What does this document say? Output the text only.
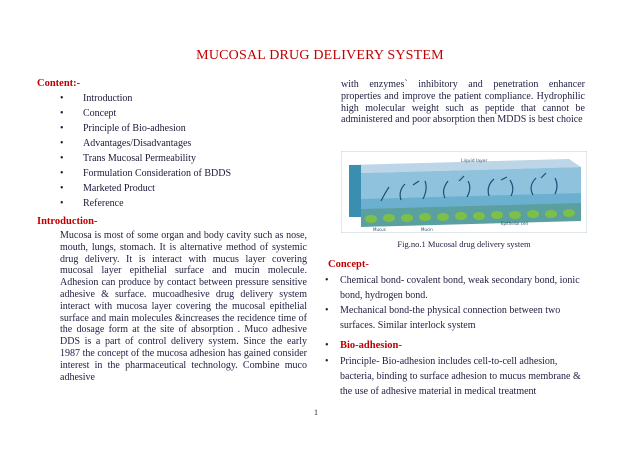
MUCOSAL DRUG DELIVERY SYSTEM
Content:-
• Introduction
• Concept
• Principle of Bio-adhesion
• Advantages/Disadvantages
• Trans Mucosal Permeability
• Formulation Consideration of BDDS
• Marketed Product
• Reference
Introduction-
Mucosa is most of some organ and body cavity such as nose, mouth, lungs, stomach. It is alternative method of systemic drug delivery. It is interact with mucus layer covering mucosal layer epithelial surface and mucin molecule. Adhesion can produce by contact between pressure sensitive adhesive & surface. mucoadhesive drug delivery system interact with mucosa layer covering the mucosal epithelial surface and main molecules &increases the recidence time of the dosage form at the site of absorption . Muco adhesive DDS is a part of control delivery system. Since the early 1987 the concept of the mucosa adhesion has gained consider interest in the pharmaceutical technology. Combine muco adhesive
with enzymes` inhibitory and penetration enhancer properties and improve the patient compliance. Hydrophilic high molecular weight such as peptide that cannot be administered and poor absorption then MDDS is best choice
Liquid layer
Mucus	Mucin
Epithelial cell
Fig.no.1 Mucosal drug delivery system
Concept-
• Chemical bond- covalent bond, weak secondary bond, ionic bond, hydrogen bond.
• Mechanical bond-the physical connection between two surfaces. Similar interlock system
• Bio-adhesion-
• Principle- Bio-adhesion includes cell-to-cell adhesion, bacteria, binding to surface adhesion to mucus membrane & the use of adhesive material in medical treatment
1
